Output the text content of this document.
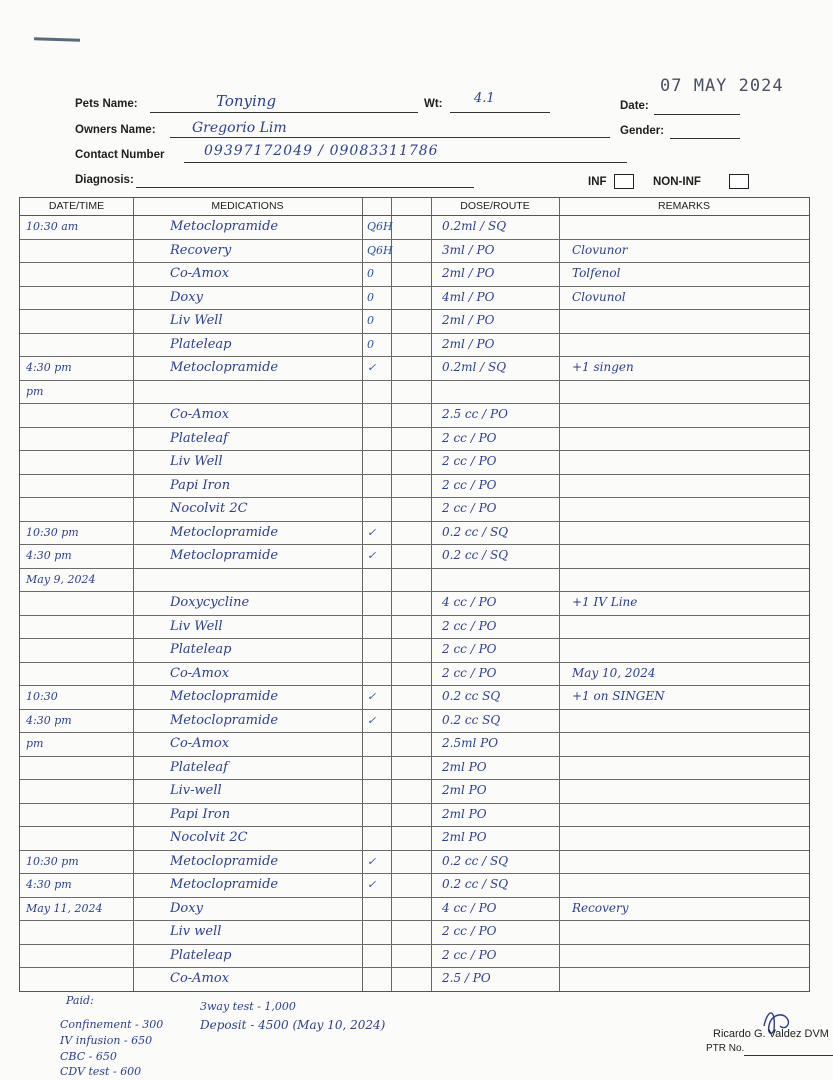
Pets Name:	Tonying	Wt: 4.1
07 MAY 2024
Date:
Owners Name:	Gregorio Lim	Gender:
Contact Number	09397172049 / 09083311786
Diagnosis:	INF	NON-INF
DATE/TIME	MEDICATIONS	DOSE/ROUTE	REMARKS
10:30 am	Metoclopramide	Q6H	0.2ml / SQ
Recovery	Q6H	3ml / PO	Clovunor
Co-Amox	0	2ml / PO	Tolfenol
Doxy	0	4ml / PO	Clovunol
Liv Well	0	2ml / PO
Plateleap	0	2ml / PO
4:30 pm	Metoclopramide	✓	0.2ml / SQ	+1 singen
pm
Co-Amox	2.5 cc / PO
Plateleaf	2 cc / PO
Liv Well	2 cc / PO
Papi Iron	2 cc / PO
Nocolvit 2C	2 cc / PO
10:30 pm	Metoclopramide	✓	0.2 cc / SQ
4:30 pm	Metoclopramide	✓	0.2 cc / SQ
May 9, 2024
Doxycycline	4 cc / PO	+1 IV Line
Liv Well	2 cc / PO
Plateleap	2 cc / PO
Co-Amox	2 cc / PO	May 10, 2024
10:30	Metoclopramide	✓	0.2 cc SQ	+1 on SINGEN
4:30 pm	Metoclopramide	✓	0.2 cc SQ
pm	Co-Amox	2.5ml PO
Plateleaf	2ml PO
Liv-well	2ml PO
Papi Iron	2ml PO
Nocolvit 2C	2ml PO
10:30 pm	Metoclopramide	✓	0.2 cc / SQ
4:30 pm	Metoclopramide	✓	0.2 cc / SQ
May 11, 2024	Doxy	4 cc / PO	Recovery
Liv well	2 cc / PO
Plateleap	2 cc / PO
Co-Amox	2.5 / PO
Paid:
Confinement - 300
IV infusion - 650
CBC - 650
CDV test - 600
3way test - 1,000
Deposit - 4500 (May 10, 2024)
Ricardo G. Valdez DVM
PTR No.
